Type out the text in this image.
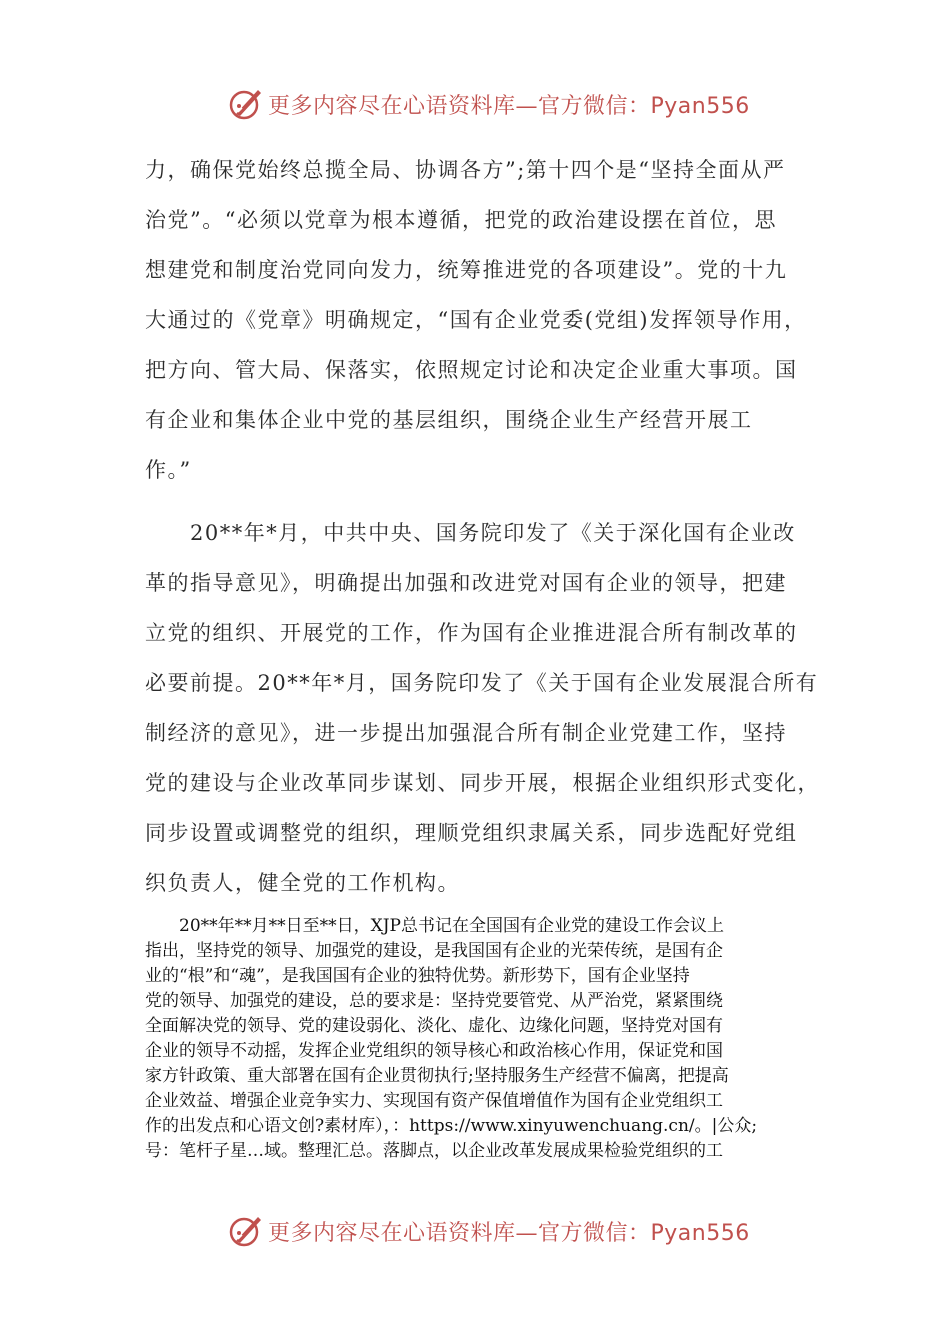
更多内容尽在心语资料库—官方微信：Pyan556

力，确保党始终总揽全局、协调各方”;第十四个是“坚持全面从严

治党”。“必须以党章为根本遵循，把党的政治建设摆在首位，思

想建党和制度治党同向发力，统筹推进党的各项建设”。党的十九

大通过的《党章》明确规定，“国有企业党委(党组)发挥领导作用，

把方向、管大局、保落实，依照规定讨论和决定企业重大事项。国

有企业和集体企业中党的基层组织，围绕企业生产经营开展工

作。”

　　20**年*月，中共中央、国务院印发了《关于深化国有企业改

革的指导意见》，明确提出加强和改进党对国有企业的领导，把建

立党的组织、开展党的工作，作为国有企业推进混合所有制改革的

必要前提。20**年*月，国务院印发了《关于国有企业发展混合所有

制经济的意见》，进一步提出加强混合所有制企业党建工作，坚持

党的建设与企业改革同步谋划、同步开展，根据企业组织形式变化，

同步设置或调整党的组织，理顺党组织隶属关系，同步选配好党组

织负责人，健全党的工作机构。

　　20**年**月**日至**日，XJP总书记在全国国有企业党的建设工作会议上

指出，坚持党的领导、加强党的建设，是我国国有企业的光荣传统，是国有企

业的“根”和“魂”，是我国国有企业的独特优势。新形势下，国有企业坚持

党的领导、加强党的建设，总的要求是：坚持党要管党、从严治党，紧紧围绕

全面解决党的领导、党的建设弱化、淡化、虚化、边缘化问题，坚持党对国有

企业的领导不动摇，发挥企业党组织的领导核心和政治核心作用，保证党和国

家方针政策、重大部署在国有企业贯彻执行;坚持服务生产经营不偏离，把提高

企业效益、增强企业竞争实力、实现国有资产保值增值作为国有企业党组织工

作的出发点和心语文创?素材库），：https://www.xinyuwenchuang.cn/。|公众;

号：笔杆子星…域。整理汇总。落脚点，以企业改革发展成果检验党组织的工

更多内容尽在心语资料库—官方微信：Pyan556
